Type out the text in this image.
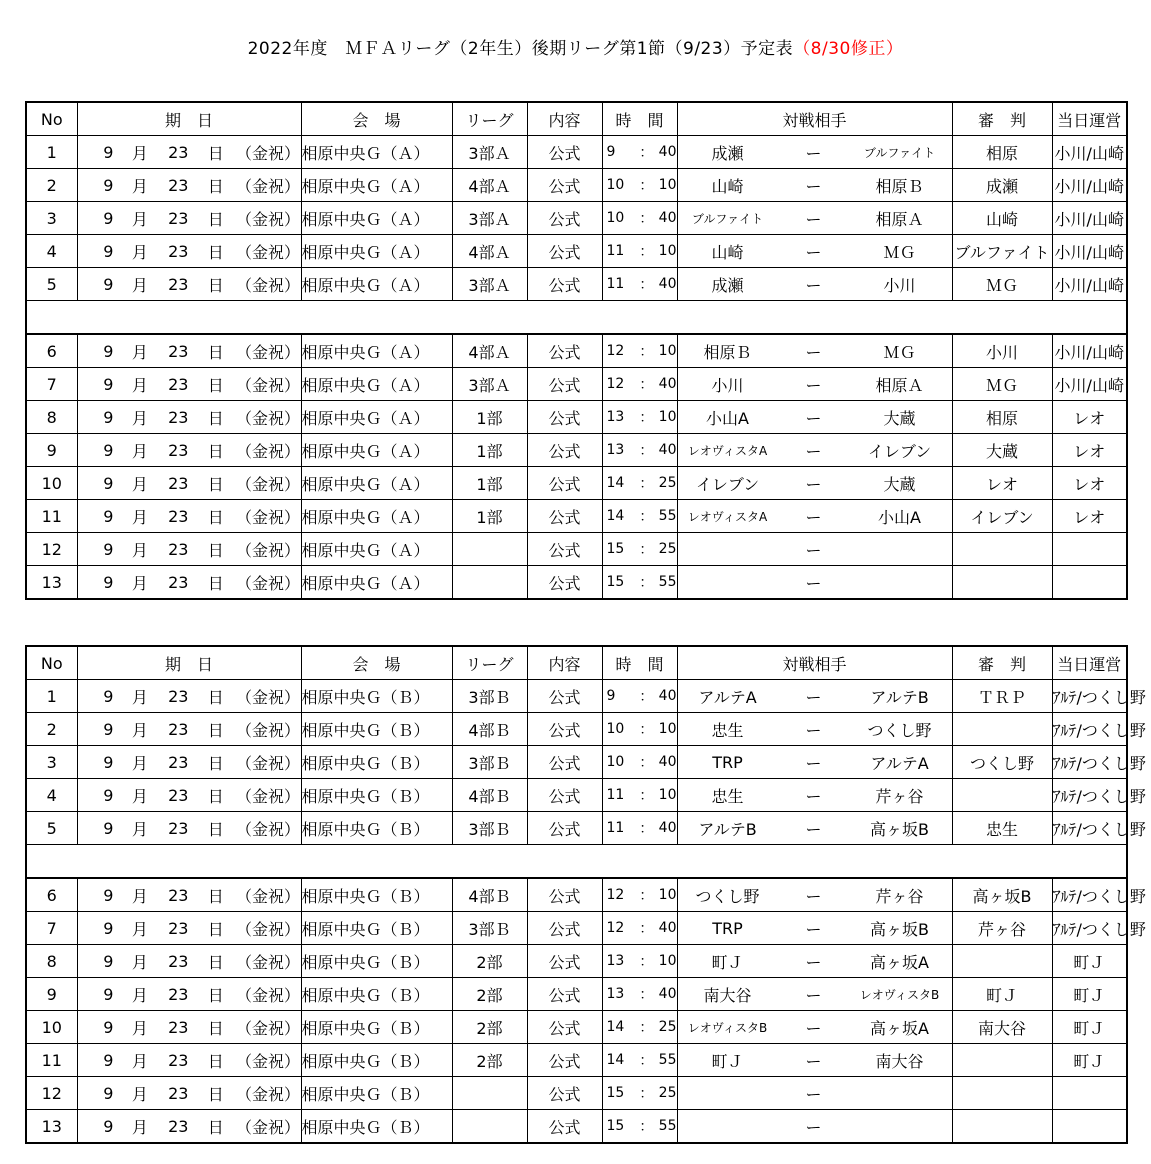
2022年度　ＭＦＡリーグ（2年生）後期リーグ第1節（9/23）予定表（8/30修正）
No	期　日	会　場	リーグ	内容	時　間	対戦相手	審　判	当日運営
1	9 月 23 日 （金祝）	相原中央Ｇ（Ａ）	3部Ａ	公式	9 ： 40	成瀬 ー ブルファイト	相原	小川/山崎
2	9 月 23 日 （金祝）	相原中央Ｇ（Ａ）	4部Ａ	公式	10 ： 10	山崎 ー 相原Ｂ	成瀬	小川/山崎
3	9 月 23 日 （金祝）	相原中央Ｇ（Ａ）	3部Ａ	公式	10 ： 40	ブルファイト ー 相原Ａ	山崎	小川/山崎
4	9 月 23 日 （金祝）	相原中央Ｇ（Ａ）	4部Ａ	公式	11 ： 10	山崎 ー ＭＧ	ブルファイト	小川/山崎
5	9 月 23 日 （金祝）	相原中央Ｇ（Ａ）	3部Ａ	公式	11 ： 40	成瀬 ー 小川	ＭＧ	小川/山崎

6	9 月 23 日 （金祝）	相原中央Ｇ（Ａ）	4部Ａ	公式	12 ： 10	相原Ｂ ー ＭＧ	小川	小川/山崎
7	9 月 23 日 （金祝）	相原中央Ｇ（Ａ）	3部Ａ	公式	12 ： 40	小川 ー 相原Ａ	ＭＧ	小川/山崎
8	9 月 23 日 （金祝）	相原中央Ｇ（Ａ）	1部	公式	13 ： 10	小山A ー 大蔵	相原	レオ
9	9 月 23 日 （金祝）	相原中央Ｇ（Ａ）	1部	公式	13 ： 40	レオヴィスタA ー イレブン	大蔵	レオ
10	9 月 23 日 （金祝）	相原中央Ｇ（Ａ）	1部	公式	14 ： 25	イレブン ー 大蔵	レオ	レオ
11	9 月 23 日 （金祝）	相原中央Ｇ（Ａ）	1部	公式	14 ： 55	レオヴィスタA ー 小山A	イレブン	レオ
12	9 月 23 日 （金祝）	相原中央Ｇ（Ａ）		公式	15 ： 25	ー		

13	9 月 23 日 （金祝）	相原中央Ｇ（Ａ）		公式	15 ： 55	ー		

No	期　日	会　場	リーグ	内容	時　間	対戦相手	審　判	当日運営
1	9 月 23 日 （金祝）	相原中央Ｇ（Ｂ）	3部Ｂ	公式	9 ： 40	アルテA ー アルテB	ＴＲＰ	ｱﾙﾃ/つくし野
2	9 月 23 日 （金祝）	相原中央Ｇ（Ｂ）	4部Ｂ	公式	10 ： 10	忠生 ー つくし野		ｱﾙﾃ/つくし野
3	9 月 23 日 （金祝）	相原中央Ｇ（Ｂ）	3部Ｂ	公式	10 ： 40	TRP ー アルテA	つくし野	ｱﾙﾃ/つくし野
4	9 月 23 日 （金祝）	相原中央Ｇ（Ｂ）	4部Ｂ	公式	11 ： 10	忠生 ー 芹ヶ谷		ｱﾙﾃ/つくし野
5	9 月 23 日 （金祝）	相原中央Ｇ（Ｂ）	3部Ｂ	公式	11 ： 40	アルテB ー 高ヶ坂B	忠生	ｱﾙﾃ/つくし野

6	9 月 23 日 （金祝）	相原中央Ｇ（Ｂ）	4部Ｂ	公式	12 ： 10	つくし野 ー 芹ヶ谷	高ヶ坂B	ｱﾙﾃ/つくし野
7	9 月 23 日 （金祝）	相原中央Ｇ（Ｂ）	3部Ｂ	公式	12 ： 40	TRP ー 高ヶ坂B	芹ヶ谷	ｱﾙﾃ/つくし野
8	9 月 23 日 （金祝）	相原中央Ｇ（Ｂ）	2部	公式	13 ： 10	町Ｊ ー 高ヶ坂A		町Ｊ
9	9 月 23 日 （金祝）	相原中央Ｇ（Ｂ）	2部	公式	13 ： 40	南大谷 ー レオヴィスタB	町Ｊ	町Ｊ
10	9 月 23 日 （金祝）	相原中央Ｇ（Ｂ）	2部	公式	14 ： 25	レオヴィスタB ー 高ヶ坂A	南大谷	町Ｊ
11	9 月 23 日 （金祝）	相原中央Ｇ（Ｂ）	2部	公式	14 ： 55	町Ｊ ー 南大谷		町Ｊ
12	9 月 23 日 （金祝）	相原中央Ｇ（Ｂ）		公式	15 ： 25	ー		

13	9 月 23 日 （金祝）	相原中央Ｇ（Ｂ）		公式	15 ： 55	ー		
